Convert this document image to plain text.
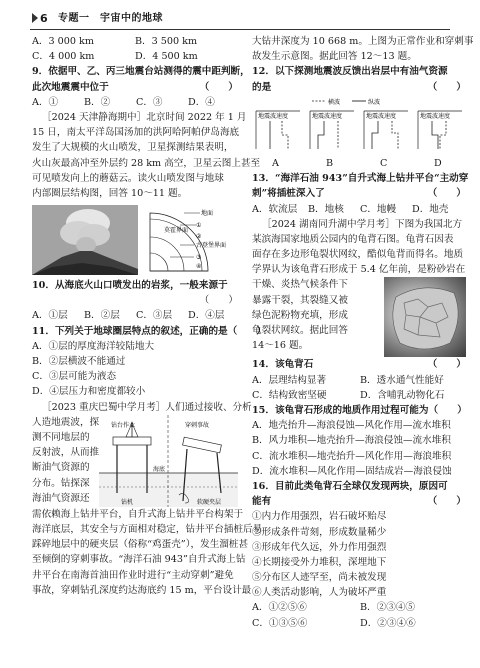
6 专题一　宇宙中的地球
A．3 000 km	B．3 500 km
C．4 000 km	D．4 500 km
9．依据甲、乙、丙三地震台站测得的震中距判断，
此次地震震中位于	（　　）
A．①	B．②	C．③	D．④
［2024 天津静海期中］北京时间 2022 年 1 月
15 日，南太平洋岛国汤加的洪阿哈阿帕伊岛海底
发生了大规模的火山喷发，卫星探测结果表明，
火山灰最高冲至外层约 28 km 高空，卫星云图上甚至
可见喷发向上的蘑菇云。读火山喷发图与地球
内部圈层结构图，回答 10～11 题。
地面
莫霍界面
古登堡界面
①
②
③
④
10．从海底火山口喷发出的岩浆，一般来源于
（　　）
A．①层	B．②层	C．③层	D．④层
11．下列关于地球圈层特点的叙述，正确的是（　　）
A．①层的厚度海洋较陆地大
B．②层横波不能通过
C．③层可能为液态
D．④层压力和密度都较小
［2023 重庆巴蜀中学月考］人们通过接收、分析
人造地震波，探
测不同地层的
反射波，从而推
断油气资源的
分布。钻探深
海油气资源还
钻台作业	穿刺事故
海底
钻机	软硬夹层
需依赖海上钻井平台，自升式海上钻井平台构架于
海洋底层，其安全与方面相对稳定，钻井平台插桩后易
踩碎地层中的硬夹层（俗称“鸡蛋壳”），发生溜桩甚
至倾倒的穿刺事故。“海洋石油 943”自升式海上钻
井平台在南海首油田作业时进行“主动穿刺”避免
事故，穿刺钻孔深度约达海底约 15 m，平台设计最
大钻井深度为 10 668 m。上图为正常作业和穿刺事
故发生示意图。据此回答 12～13 题。
12．以下探测地震波反馈出岩层中有油气资源
的是	（　　）
横波	纵波
地震波速度	地震波速度	地震波速度	地震波速度
A	B	C	D
13．“海洋石油 943”自升式海上钻井平台“主动穿
刺”将插桩深入了	（　　）
A．软流层	B．地核	C．地幔	D．地壳
［2024 湖南同升湖中学月考］下图为我国北方
某滨海国家地质公园内的龟背石图。龟背石因表
面存在多边形龟裂状网纹，酷似龟背而得名。地质
学界认为该龟背石形成于 5.4 亿年前，是粉砂岩在
干燥、炎热气候条件下
暴露干裂，其裂缝又被
绿色泥粉物充填，形成
龟裂状网纹。据此回答
14～16 题。
14．该龟背石	（　　）
A．层理结构显著	B．透水通气性能好
C．结构致密坚硬	D．含哺乳动物化石
15．该龟背石形成的地质作用过程可能为（　　）
A．地壳抬升—海浪侵蚀—风化作用—流水堆积
B．风力堆积—地壳抬升—海浪侵蚀—流水堆积
C．流水堆积—地壳抬升—风化作用—海浪堆积
D．流水堆积—风化作用—固结成岩—海浪侵蚀
16．目前此类龟背石全球仅发现两块，原因可
能有	（　　）
①内力作用强烈，岩石破坏贻尽
②形成条件苛刻，形成数量稀少
③形成年代久远，外力作用强烈
④长期接受外力堆积，深埋地下
⑤分布区人迹罕至，尚未被发现
⑥人类活动影响，人为破坏严重
A．①②⑤⑥	B．②③④⑤
C．①③⑤⑥	D．②③④⑥
